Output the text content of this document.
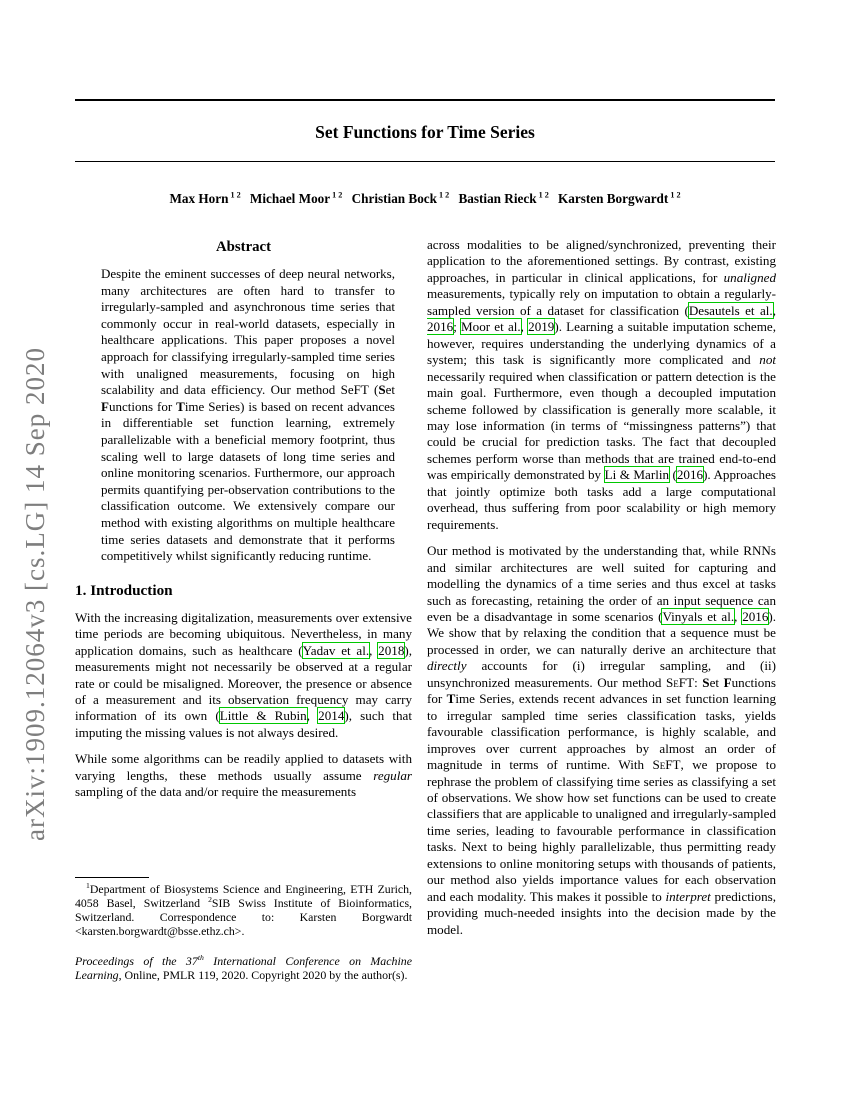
arXiv:1909.12064v3 [cs.LG] 14 Sep 2020
Set Functions for Time Series
Max Horn $^{1 2}$   Michael Moor $^{1 2}$   Christian Bock $^{1 2}$   Bastian Rieck $^{1 2}$   Karsten Borgwardt $^{1 2}$
Abstract

Despite the eminent successes of deep neural networks, many architectures are often hard to transfer to irregularly-sampled and asynchronous time series that commonly occur in real-world datasets, especially in healthcare applications. This paper proposes a novel approach for classifying irregularly-sampled time series with unaligned measurements, focusing on high scalability and data efficiency. Our method SeFT (Set Functions for Time Series) is based on recent advances in differentiable set function learning, extremely parallelizable with a beneficial memory footprint, thus scaling well to large datasets of long time series and online monitoring scenarios. Furthermore, our approach permits quantifying per-observation contributions to the classification outcome. We extensively compare our method with existing algorithms on multiple healthcare time series datasets and demonstrate that it performs competitively whilst significantly reducing runtime.

1. Introduction

With the increasing digitalization, measurements over extensive time periods are becoming ubiquitous. Nevertheless, in many application domains, such as healthcare (Yadav et al., 2018), measurements might not necessarily be observed at a regular rate or could be misaligned. Moreover, the presence or absence of a measurement and its observation frequency may carry information of its own (Little & Rubin, 2014), such that imputing the missing values is not always desired.

While some algorithms can be readily applied to datasets with varying lengths, these methods usually assume regular sampling of the data and/or require the measurements

$^1$Department of Biosystems Science and Engineering, ETH Zurich, 4058 Basel, Switzerland $^2$SIB Swiss Institute of Bioinformatics, Switzerland. Correspondence to: Karsten Borgwardt <karsten.borgwardt@bsse.ethz.ch>.

Proceedings of the 37th International Conference on Machine Learning, Online, PMLR 119, 2020. Copyright 2020 by the author(s).

across modalities to be aligned/synchronized, preventing their application to the aforementioned settings. By contrast, existing approaches, in particular in clinical applications, for unaligned measurements, typically rely on imputation to obtain a regularly-sampled version of a dataset for classification (Desautels et al., 2016; Moor et al., 2019). Learning a suitable imputation scheme, however, requires understanding the underlying dynamics of a system; this task is significantly more complicated and not necessarily required when classification or pattern detection is the main goal. Furthermore, even though a decoupled imputation scheme followed by classification is generally more scalable, it may lose information (in terms of “missingness patterns”) that could be crucial for prediction tasks. The fact that decoupled schemes perform worse than methods that are trained end-to-end was empirically demonstrated by Li & Marlin (2016). Approaches that jointly optimize both tasks add a large computational overhead, thus suffering from poor scalability or high memory requirements.

Our method is motivated by the understanding that, while RNNs and similar architectures are well suited for capturing and modelling the dynamics of a time series and thus excel at tasks such as forecasting, retaining the order of an input sequence can even be a disadvantage in some scenarios (Vinyals et al., 2016). We show that by relaxing the condition that a sequence must be processed in order, we can naturally derive an architecture that directly accounts for (i) irregular sampling, and (ii) unsynchronized measurements. Our method SeFT: Set Functions for Time Series, extends recent advances in set function learning to irregular sampled time series classification tasks, yields favourable classification performance, is highly scalable, and improves over current approaches by almost an order of magnitude in terms of runtime. With SeFT, we propose to rephrase the problem of classifying time series as classifying a set of observations. We show how set functions can be used to create classifiers that are applicable to unaligned and irregularly-sampled time series, leading to favourable performance in classification tasks. Next to being highly parallelizable, thus permitting ready extensions to online monitoring setups with thousands of patients, our method also yields importance values for each observation and each modality. This makes it possible to interpret predictions, providing much-needed insights into the decision made by the model.
